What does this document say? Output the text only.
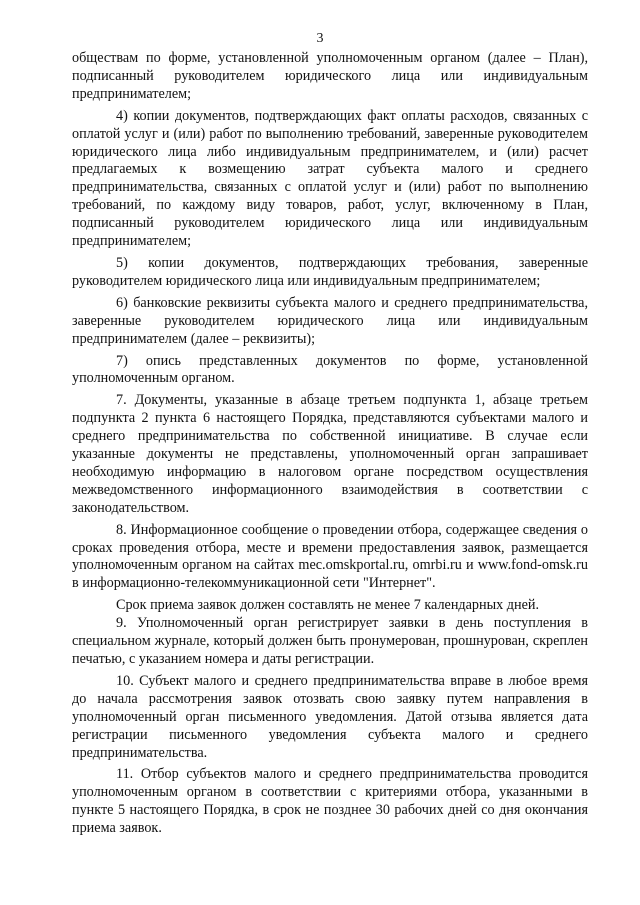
3

обществам по форме, установленной уполномоченным органом (далее – План), подписанный руководителем юридического лица или индивидуальным предпринимателем;

4) копии документов, подтверждающих факт оплаты расходов, связанных с оплатой услуг и (или) работ по выполнению требований, заверенные руководителем юридического лица либо индивидуальным предпринимателем, и (или) расчет предлагаемых к возмещению затрат субъекта малого и среднего предпринимательства, связанных с оплатой услуг и (или) работ по выполнению требований, по каждому виду товаров, работ, услуг, включенному в План, подписанный руководителем юридического лица или индивидуальным предпринимателем;

5) копии документов, подтверждающих требования, заверенные руководителем юридического лица или индивидуальным предпринимателем;

6) банковские реквизиты субъекта малого и среднего предпринимательства, заверенные руководителем юридического лица или индивидуальным предпринимателем (далее – реквизиты);

7) опись представленных документов по форме, установленной уполномоченным органом.

7. Документы, указанные в абзаце третьем подпункта 1, абзаце третьем подпункта 2 пункта 6 настоящего Порядка, представляются субъектами малого и среднего предпринимательства по собственной инициативе. В случае если указанные документы не представлены, уполномоченный орган запрашивает необходимую информацию в налоговом органе посредством осуществления межведомственного информационного взаимодействия в соответствии с законодательством.

8. Информационное сообщение о проведении отбора, содержащее сведения о сроках проведения отбора, месте и времени предоставления заявок, размещается уполномоченным органом на сайтах mec.omskportal.ru, omrbi.ru и www.fond-omsk.ru в информационно-телекоммуникационной сети "Интернет".

Срок приема заявок должен составлять не менее 7 календарных дней.

9. Уполномоченный орган регистрирует заявки в день поступления в специальном журнале, который должен быть пронумерован, прошнурован, скреплен печатью, с указанием номера и даты регистрации.

10. Субъект малого и среднего предпринимательства вправе в любое время до начала рассмотрения заявок отозвать свою заявку путем направления в уполномоченный орган письменного уведомления. Датой отзыва является дата регистрации письменного уведомления субъекта малого и среднего предпринимательства.

11. Отбор субъектов малого и среднего предпринимательства проводится уполномоченным органом в соответствии с критериями отбора, указанными в пункте 5 настоящего Порядка, в срок не позднее 30 рабочих дней со дня окончания приема заявок.
